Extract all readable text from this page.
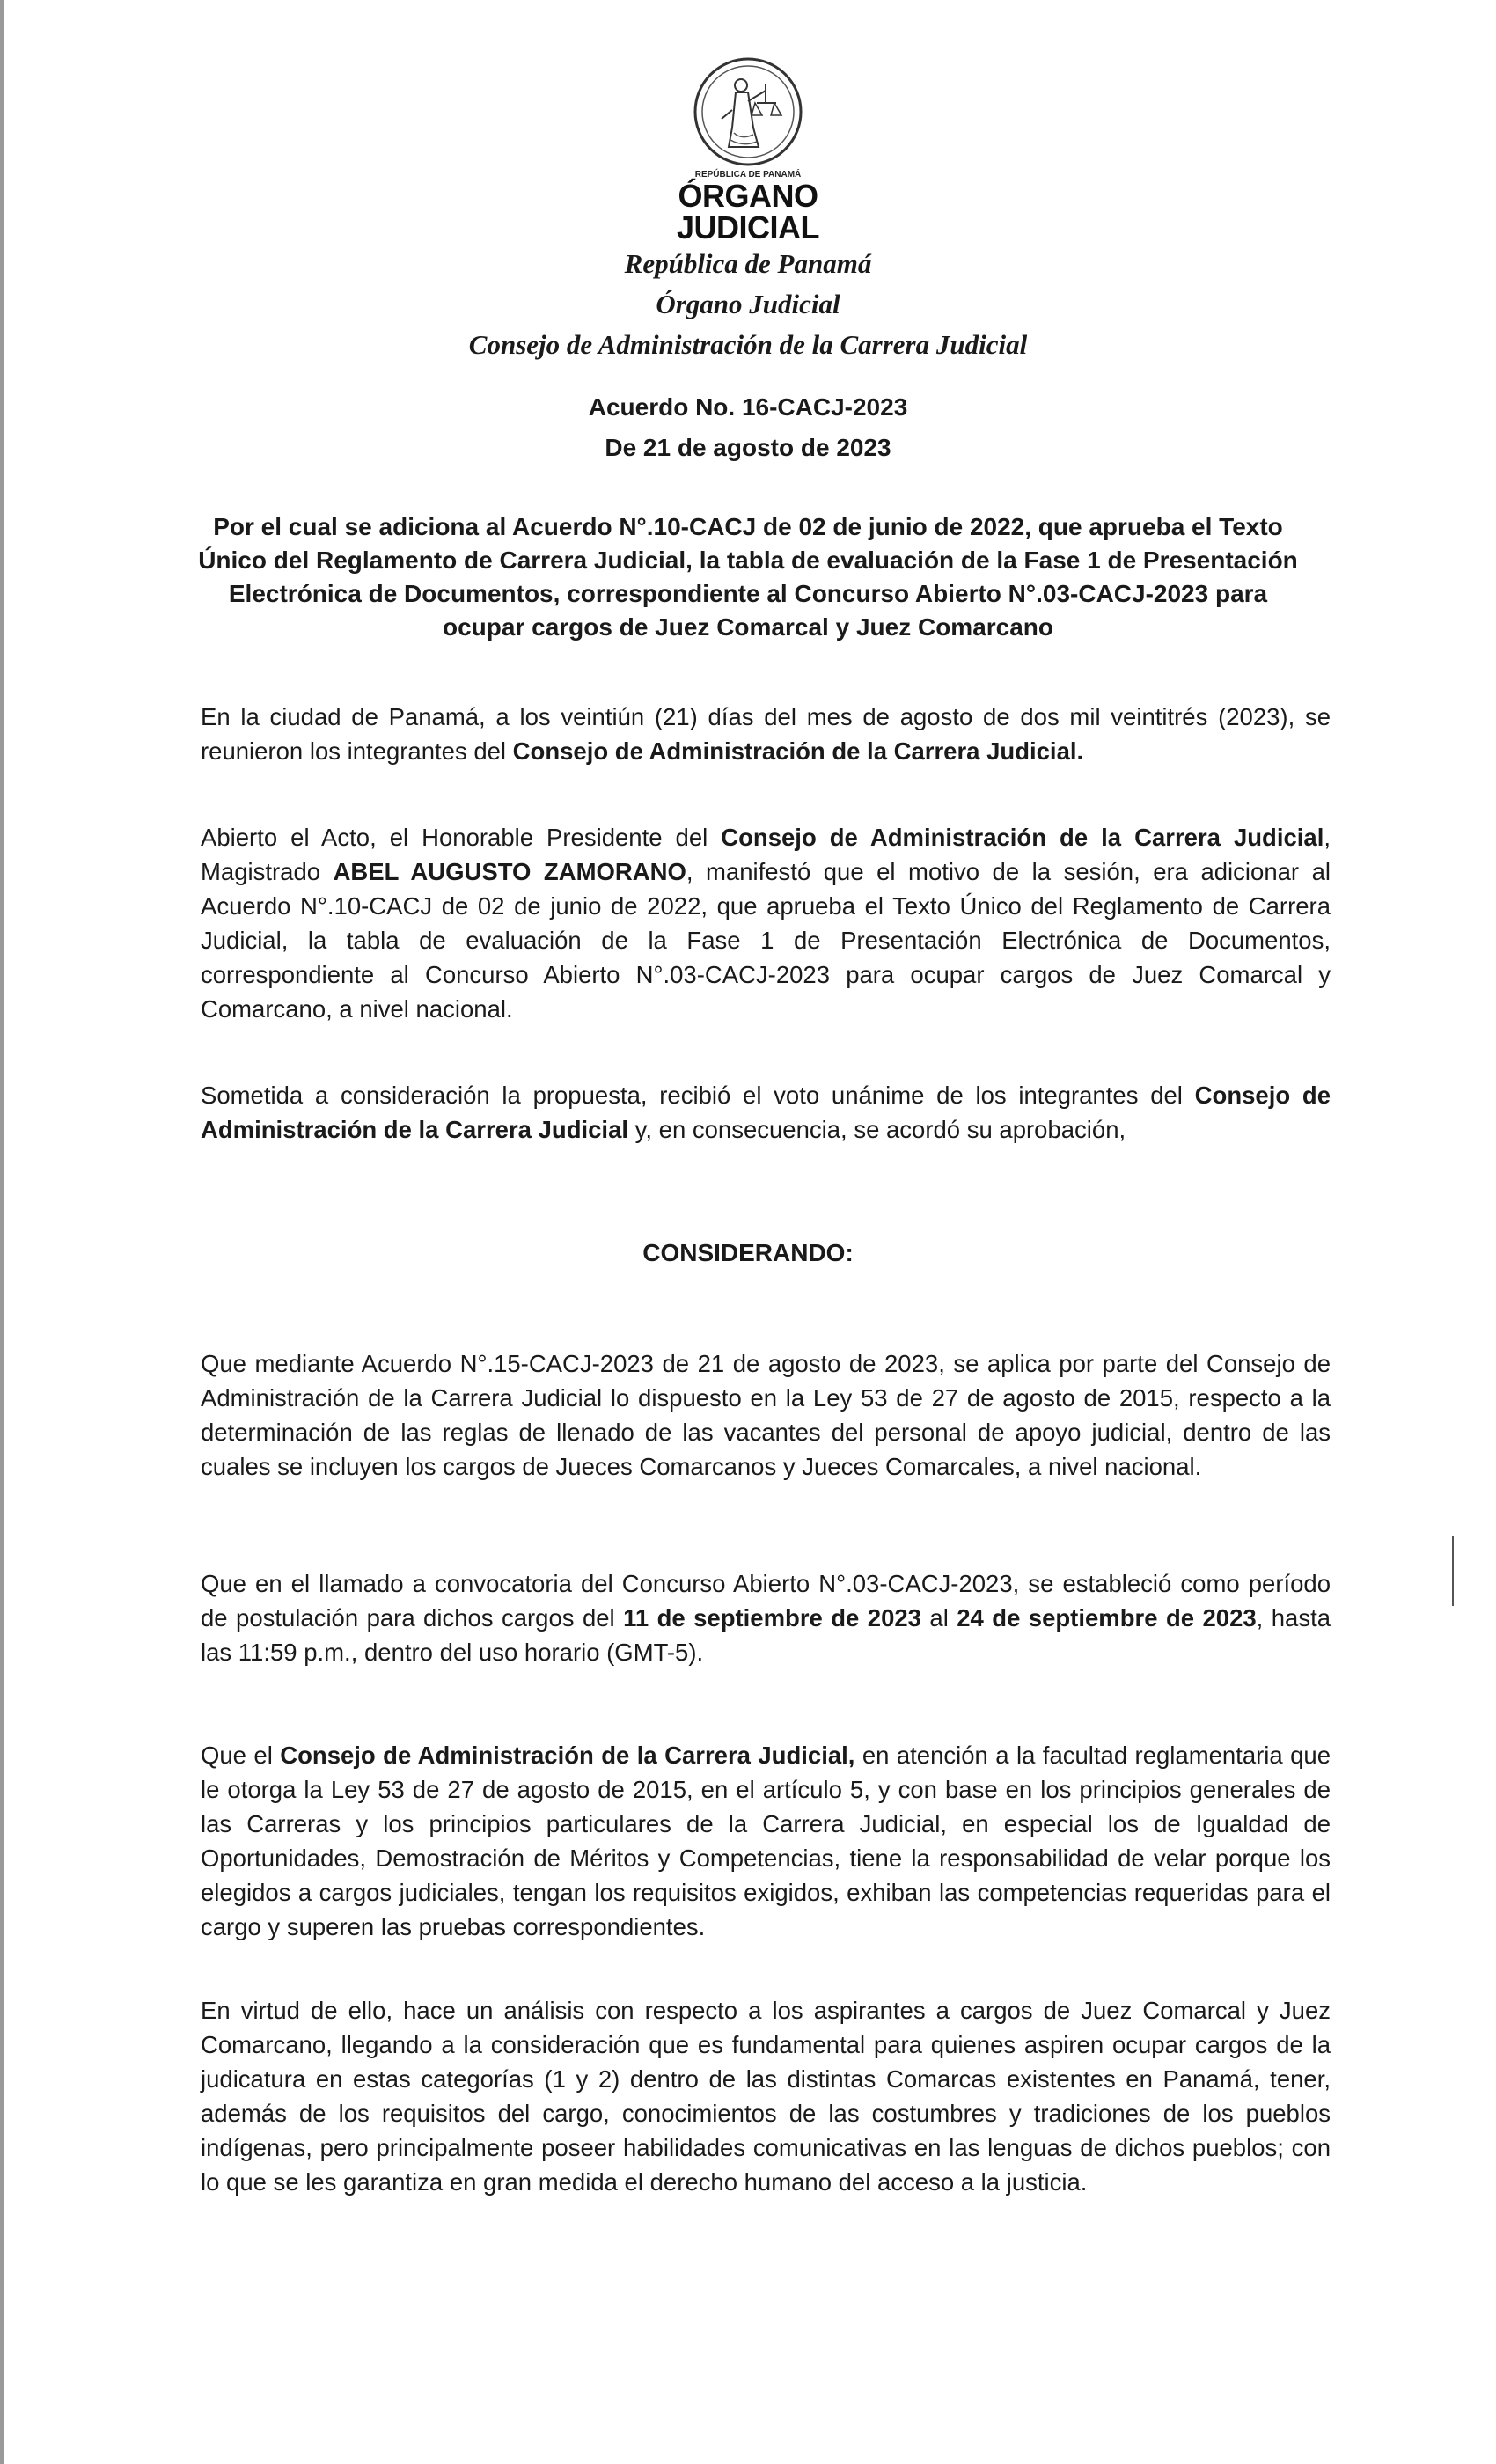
REPÚBLICA DE PANAMÁ
ÓRGANO
JUDICIAL
República de Panamá
Órgano Judicial
Consejo de Administración de la Carrera Judicial
Acuerdo No. 16-CACJ-2023
De 21 de agosto de 2023
Por el cual se adiciona al Acuerdo N°.10-CACJ de 02 de junio de 2022, que aprueba el Texto Único del Reglamento de Carrera Judicial, la tabla de evaluación de la Fase 1 de Presentación Electrónica de Documentos, correspondiente al Concurso Abierto N°.03-CACJ-2023 para ocupar cargos de Juez Comarcal y Juez Comarcano

En la ciudad de Panamá, a los veintiún (21) días del mes de agosto de dos mil veintitrés (2023), se reunieron los integrantes del Consejo de Administración de la Carrera Judicial.

Abierto el Acto, el Honorable Presidente del Consejo de Administración de la Carrera Judicial, Magistrado ABEL AUGUSTO ZAMORANO, manifestó que el motivo de la sesión, era adicionar al Acuerdo N°.10-CACJ de 02 de junio de 2022, que aprueba el Texto Único del Reglamento de Carrera Judicial, la tabla de evaluación de la Fase 1 de Presentación Electrónica de Documentos, correspondiente al Concurso Abierto N°.03-CACJ-2023 para ocupar cargos de Juez Comarcal y Comarcano, a nivel nacional.

Sometida a consideración la propuesta, recibió el voto unánime de los integrantes del Consejo de Administración de la Carrera Judicial y, en consecuencia, se acordó su aprobación,

CONSIDERANDO:

Que mediante Acuerdo N°.15-CACJ-2023 de 21 de agosto de 2023, se aplica por parte del Consejo de Administración de la Carrera Judicial lo dispuesto en la Ley 53 de 27 de agosto de 2015, respecto a la determinación de las reglas de llenado de las vacantes del personal de apoyo judicial, dentro de las cuales se incluyen los cargos de Jueces Comarcanos y Jueces Comarcales, a nivel nacional.

Que en el llamado a convocatoria del Concurso Abierto N°.03-CACJ-2023, se estableció como período de postulación para dichos cargos del 11 de septiembre de 2023 al 24 de septiembre de 2023, hasta las 11:59 p.m., dentro del uso horario (GMT-5).

Que el Consejo de Administración de la Carrera Judicial, en atención a la facultad reglamentaria que le otorga la Ley 53 de 27 de agosto de 2015, en el artículo 5, y con base en los principios generales de las Carreras y los principios particulares de la Carrera Judicial, en especial los de Igualdad de Oportunidades, Demostración de Méritos y Competencias, tiene la responsabilidad de velar porque los elegidos a cargos judiciales, tengan los requisitos exigidos, exhiban las competencias requeridas para el cargo y superen las pruebas correspondientes.

En virtud de ello, hace un análisis con respecto a los aspirantes a cargos de Juez Comarcal y Juez Comarcano, llegando a la consideración que es fundamental para quienes aspiren ocupar cargos de la judicatura en estas categorías (1 y 2) dentro de las distintas Comarcas existentes en Panamá, tener, además de los requisitos del cargo, conocimientos de las costumbres y tradiciones de los pueblos indígenas, pero principalmente poseer habilidades comunicativas en las lenguas de dichos pueblos; con lo que se les garantiza en gran medida el derecho humano del acceso a la justicia.
